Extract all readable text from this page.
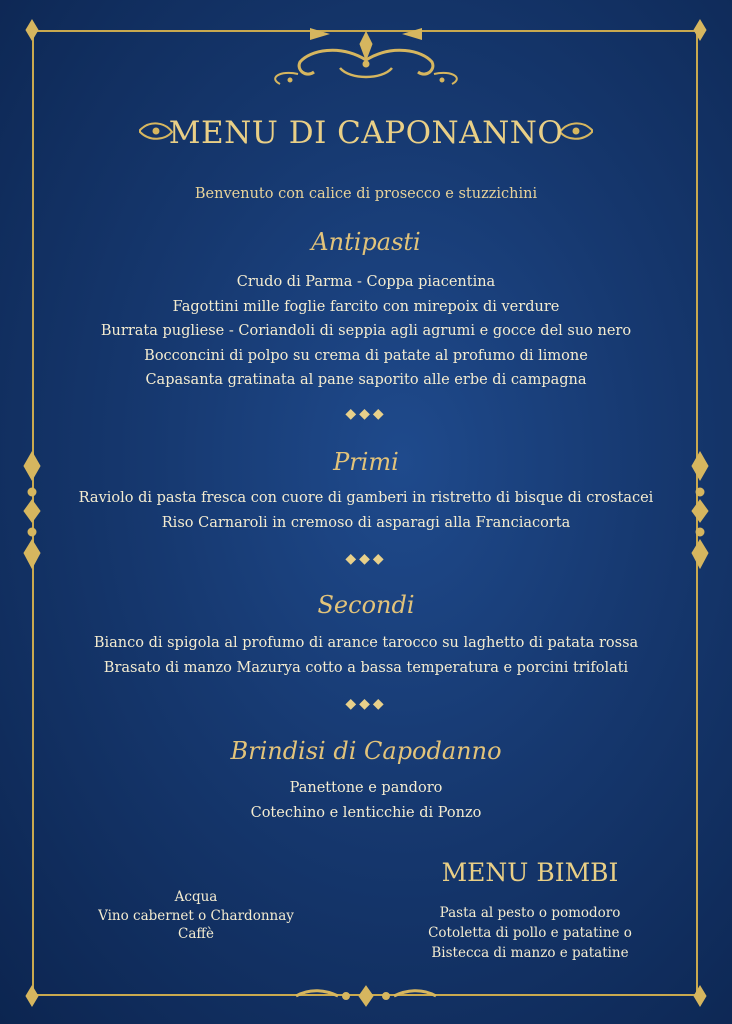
MENU DI CAPONANNO
Benvenuto con calice di prosecco e stuzzichini
Antipasti
Crudo di Parma - Coppa piacentina
Fagottini mille foglie farcito con mirepoix di verdure
Burrata pugliese - Coriandoli di seppia agli agrumi e gocce del suo nero
Bocconcini di polpo su crema di patate al profumo di limone
Capasanta gratinata al pane saporito alle erbe di campagna
◆◆◆
Primi
Raviolo di pasta fresca con cuore di gamberi in ristretto di bisque di crostacei
Riso Carnaroli in cremoso di asparagi alla Franciacorta
◆◆◆
Secondi
Bianco di spigola al profumo di arance tarocco su laghetto di patata rossa
Brasato di manzo Mazurya cotto a bassa temperatura e porcini trifolati
◆◆◆
Brindisi di Capodanno
Panettone e pandoro
Cotechino e lenticchie di Ponzo
Acqua
Vino cabernet o Chardonnay
Caffè
MENU BIMBI
Pasta al pesto o pomodoro
Cotoletta di pollo e patatine o
Bistecca di manzo e patatine
